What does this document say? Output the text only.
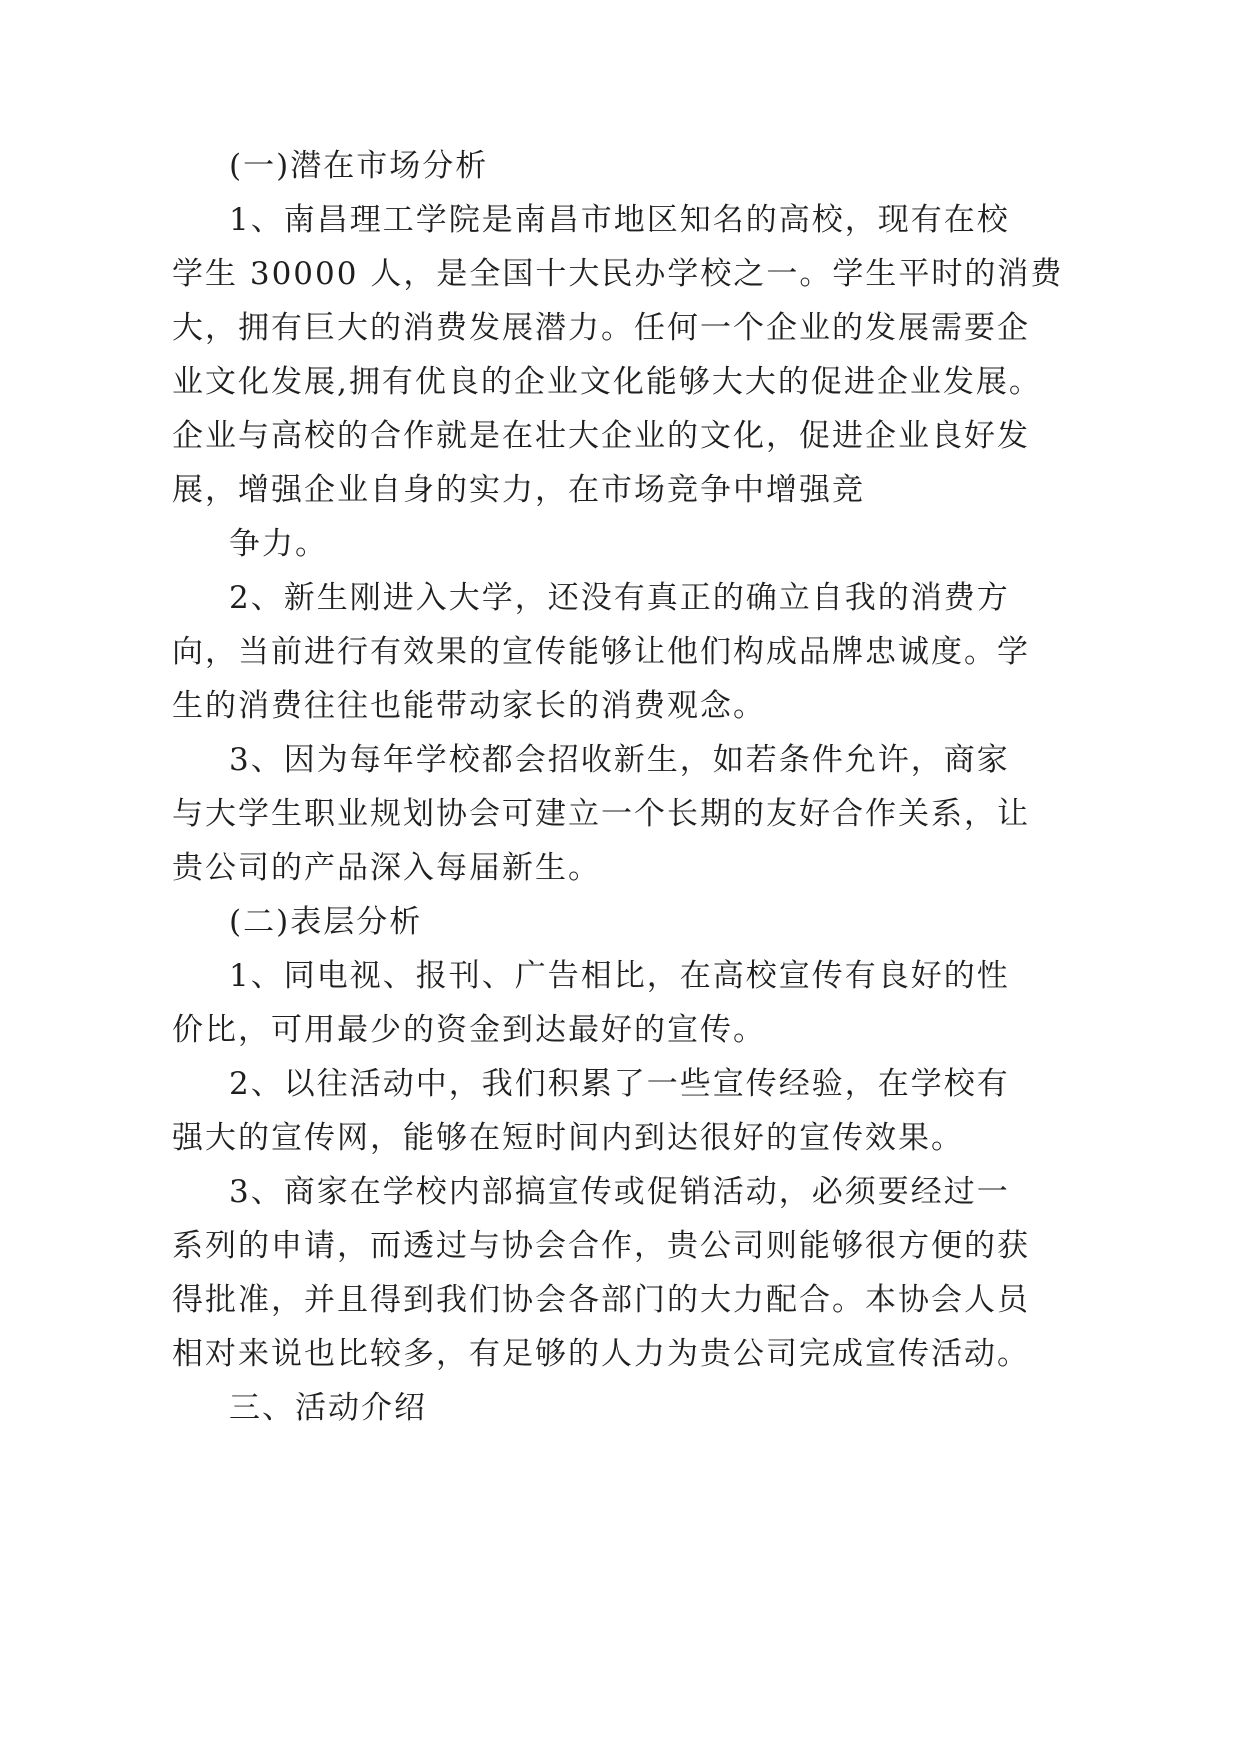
(一)潜在市场分析
1、南昌理工学院是南昌市地区知名的高校，现有在校
学生 30000 人，是全国十大民办学校之一。学生平时的消费
大，拥有巨大的消费发展潜力。任何一个企业的发展需要企
业文化发展,拥有优良的企业文化能够大大的促进企业发展。
企业与高校的合作就是在壮大企业的文化，促进企业良好发
展，增强企业自身的实力，在市场竞争中增强竞
争力。
2、新生刚进入大学，还没有真正的确立自我的消费方
向，当前进行有效果的宣传能够让他们构成品牌忠诚度。学
生的消费往往也能带动家长的消费观念。
3、因为每年学校都会招收新生，如若条件允许，商家
与大学生职业规划协会可建立一个长期的友好合作关系，让
贵公司的产品深入每届新生。
(二)表层分析
1、同电视、报刊、广告相比，在高校宣传有良好的性
价比，可用最少的资金到达最好的宣传。
2、以往活动中，我们积累了一些宣传经验，在学校有
强大的宣传网，能够在短时间内到达很好的宣传效果。
3、商家在学校内部搞宣传或促销活动，必须要经过一
系列的申请，而透过与协会合作，贵公司则能够很方便的获
得批准，并且得到我们协会各部门的大力配合。本协会人员
相对来说也比较多，有足够的人力为贵公司完成宣传活动。
三、活动介绍
